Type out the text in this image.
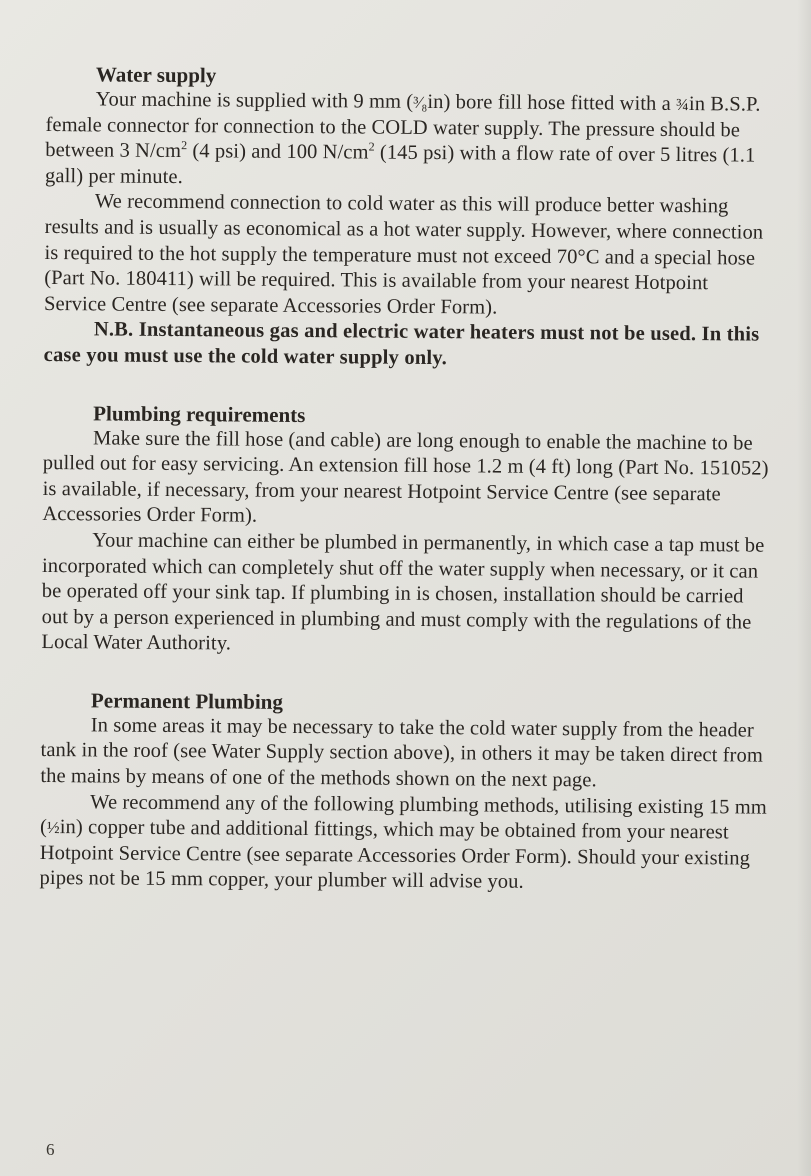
Water supply

Your machine is supplied with 9 mm (³⁄₈in) bore fill hose fitted with a ¾in B.S.P. female connector for connection to the COLD water supply. The pressure should be between 3 $N/cm^2$ (4 psi) and 100 $N/cm^2$ (145 psi) with a flow rate of over 5 litres (1.1 gall) per minute.

We recommend connection to cold water as this will produce better washing results and is usually as economical as a hot water supply. However, where connection is required to the hot supply the temperature must not exceed 70°C and a special hose (Part No. 180411) will be required. This is available from your nearest Hotpoint Service Centre (see separate Accessories Order Form).

N.B. Instantaneous gas and electric water heaters must not be used. In this case you must use the cold water supply only.

Plumbing requirements

Make sure the fill hose (and cable) are long enough to enable the machine to be pulled out for easy servicing. An extension fill hose 1.2 m (4 ft) long (Part No. 151052) is available, if necessary, from your nearest Hotpoint Service Centre (see separate Accessories Order Form).

Your machine can either be plumbed in permanently, in which case a tap must be incorporated which can completely shut off the water supply when necessary, or it can be operated off your sink tap. If plumbing in is chosen, installation should be carried out by a person experienced in plumbing and must comply with the regulations of the Local Water Authority.

Permanent Plumbing

In some areas it may be necessary to take the cold water supply from the header tank in the roof (see Water Supply section above), in others it may be taken direct from the mains by means of one of the methods shown on the next page.

We recommend any of the following plumbing methods, utilising existing 15 mm (½in) copper tube and additional fittings, which may be obtained from your nearest Hotpoint Service Centre (see separate Accessories Order Form). Should your existing pipes not be 15 mm copper, your plumber will advise you.

6
